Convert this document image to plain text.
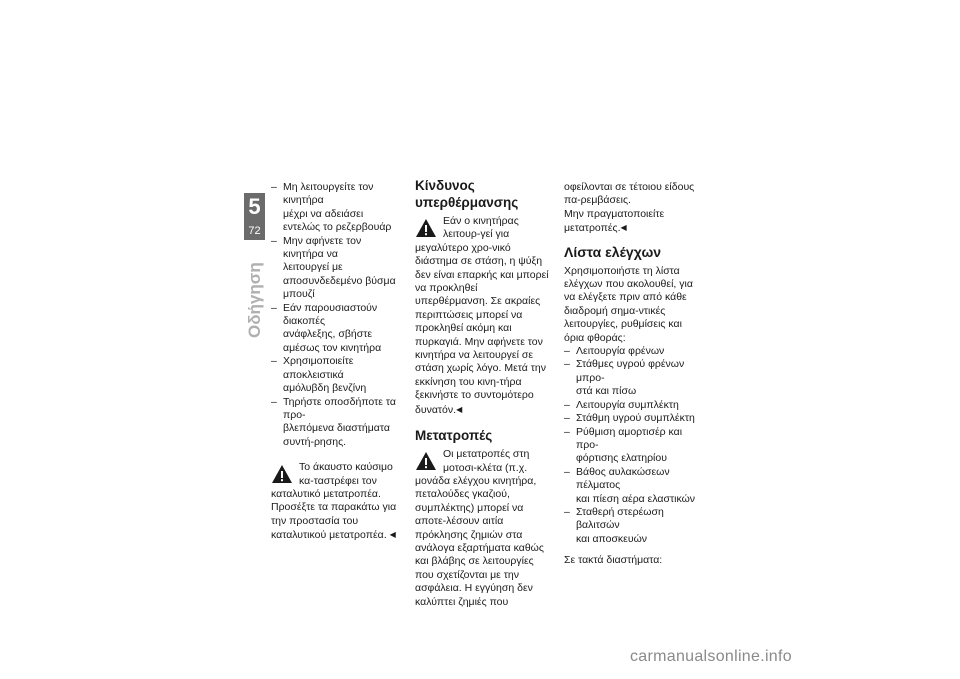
5
72
Οδήγηση
– Μη λειτουργείτε τον κινητήρα
μέχρι να αδειάσει εντελώς το ρεζερβουάρ
– Μην αφήνετε τον κινητήρα να
λειτουργεί με αποσυνδεδεμένο βύσμα μπουζί
– Εάν παρουσιαστούν διακοπές
ανάφλεξης, σβήστε αμέσως τον κινητήρα
– Χρησιμοποιείτε αποκλειστικά
αμόλυβδη βενζίνη
– Τηρήστε οποσδήποτε τα προ-
βλεπόμενα διαστήματα συντή-ρησης.
Το άκαυστο καύσιμο κα-ταστρέφει τον καταλυτικό μετατροπέα.

Προσέξτε τα παρακάτω για την προστασία του καταλυτικού μετατροπέα. ◀

Κίνδυνος υπερθέρμανσης
Εάν ο κινητήρας λειτουρ-γεί για μεγαλύτερο χρο-νικό διάστημα σε στάση, η ψύξη δεν είναι επαρκής και μπορεί να προκληθεί υπερθέρμανση. Σε ακραίες περιπτώσεις μπορεί να προκληθεί ακόμη και πυρκαγιά. Μην αφήνετε τον κινητήρα να λειτουργεί σε στάση χωρίς λόγο. Μετά την εκκίνηση του κινη-τήρα ξεκινήστε το συντομότερο δυνατόν.◀
Μετατροπές
Οι μετατροπές στη μοτοσι-κλέτα (π.χ. μονάδα ελέγχου κινητήρα, πεταλούδες γκαζιού, συμπλέκτης) μπορεί να αποτε-λέσουν αιτία πρόκλησης ζημιών στα ανάλογα εξαρτήματα καθώς και βλάβης σε λειτουργίες που σχετίζονται με την ασφάλεια. Η εγγύηση δεν καλύπτει ζημιές που

οφείλονται σε τέτοιου είδους πα-ρεμβάσεις.

Μην πραγματοποιείτε μετατροπές.◀

Λίστα ελέγχων

Χρησιμοποιήστε τη λίστα ελέγχων που ακολουθεί, για να ελέγξετε πριν από κάθε διαδρομή σημα-ντικές λειτουργίες, ρυθμίσεις και όρια φθοράς:

– Λειτουργία φρένων
– Στάθμες υγρού φρένων μπρο-
στά και πίσω
– Λειτουργία συμπλέκτη
– Στάθμη υγρού συμπλέκτη
– Ρύθμιση αμορτισέρ και προ-
φόρτισης ελατηρίου
– Βάθος αυλακώσεων πέλματος
και πίεση αέρα ελαστικών
– Σταθερή στερέωση βαλιτσών
και αποσκευών

Σε τακτά διαστήματα:

carmanualsonline.info
